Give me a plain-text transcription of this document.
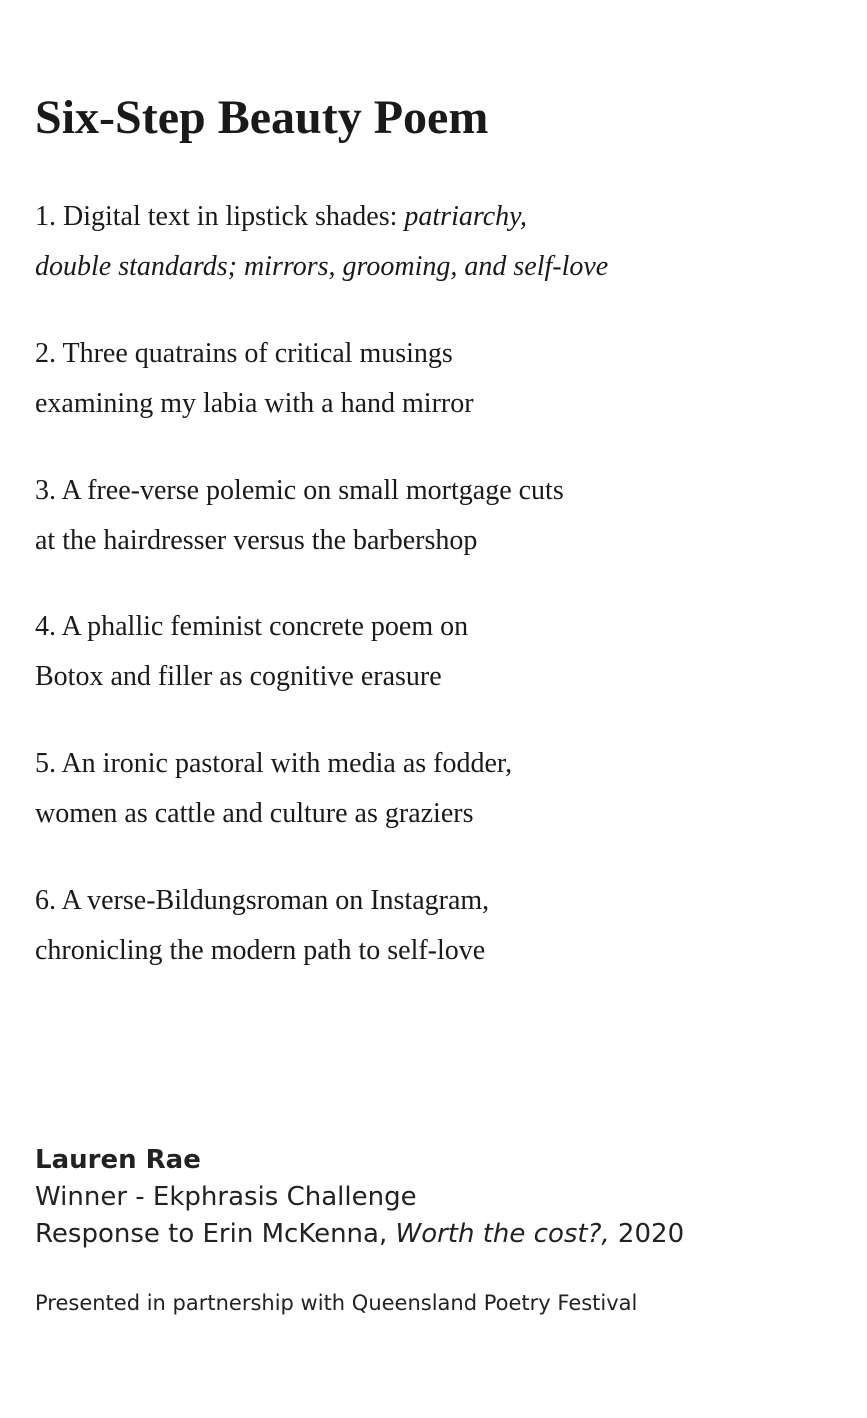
Six-Step Beauty Poem

1. Digital text in lipstick shades: patriarchy,
double standards; mirrors, grooming, and self-love

2. Three quatrains of critical musings
examining my labia with a hand mirror

3. A free-verse polemic on small mortgage cuts
at the hairdresser versus the barbershop

4. A phallic feminist concrete poem on
Botox and filler as cognitive erasure

5. An ironic pastoral with media as fodder,
women as cattle and culture as graziers

6. A verse-Bildungsroman on Instagram,
chronicling the modern path to self-love

Lauren Rae
Winner - Ekphrasis Challenge
Response to Erin McKenna, Worth the cost?, 2020
Presented in partnership with Queensland Poetry Festival
